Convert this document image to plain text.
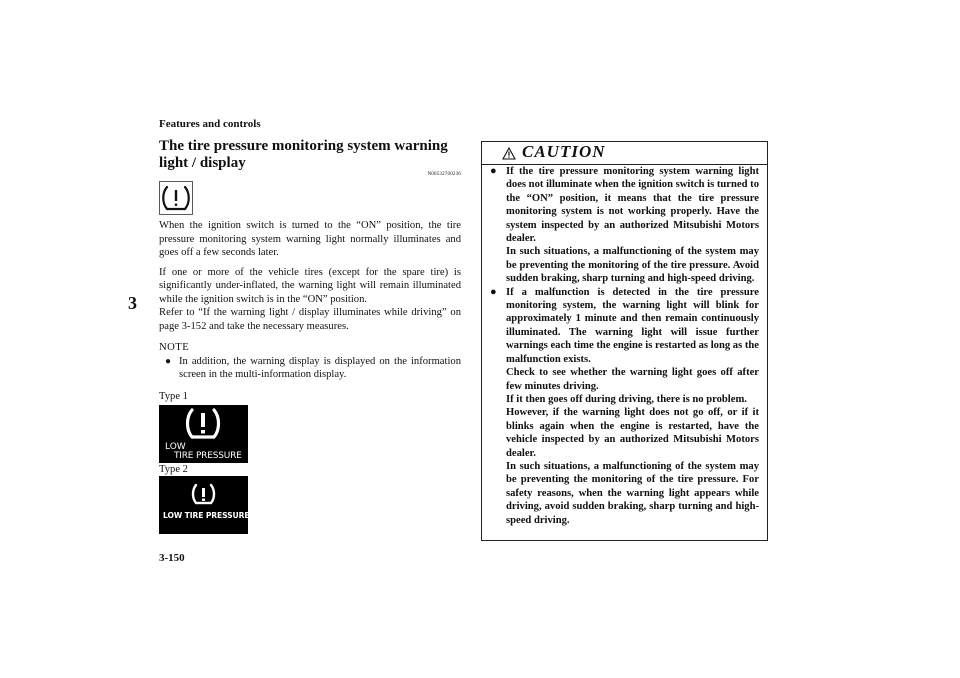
Features and controls
3
3-150
The tire pressure monitoring system warning light / display
N00532700236

When the ignition switch is turned to the “ON” position, the tire pressure monitoring system warning light normally illuminates and goes off a few seconds later.

If one or more of the vehicle tires (except for the spare tire) is significantly under-inflated, the warning light will remain illuminated while the ignition switch is in the “ON” position.

Refer to “If the warning light / display illuminates while driving” on page 3-152 and take the necessary measures.

NOTE
● In addition, the warning display is displayed on the information screen in the multi-information display.
Type 1
LOW
TIRE PRESSURE
Type 2
LOW TIRE PRESSURE
CAUTION
● If the tire pressure monitoring system warning light does not illuminate when the ignition switch is turned to the “ON” position, it means that the tire pressure monitoring system is not working properly. Have the system inspected by an authorized Mitsubishi Motors dealer.

In such situations, a malfunctioning of the system may be preventing the monitoring of the tire pressure. Avoid sudden braking, sharp turning and high-speed driving.

● If a malfunction is detected in the tire pressure monitoring system, the warning light will blink for approximately 1 minute and then remain continuously illuminated. The warning light will issue further warnings each time the engine is restarted as long as the malfunction exists.

Check to see whether the warning light goes off after few minutes driving.

If it then goes off during driving, there is no problem.

However, if the warning light does not go off, or if it blinks again when the engine is restarted, have the vehicle inspected by an authorized Mitsubishi Motors dealer.

In such situations, a malfunctioning of the system may be preventing the monitoring of the tire pressure. For safety reasons, when the warning light appears while driving, avoid sudden braking, sharp turning and high-speed driving.
